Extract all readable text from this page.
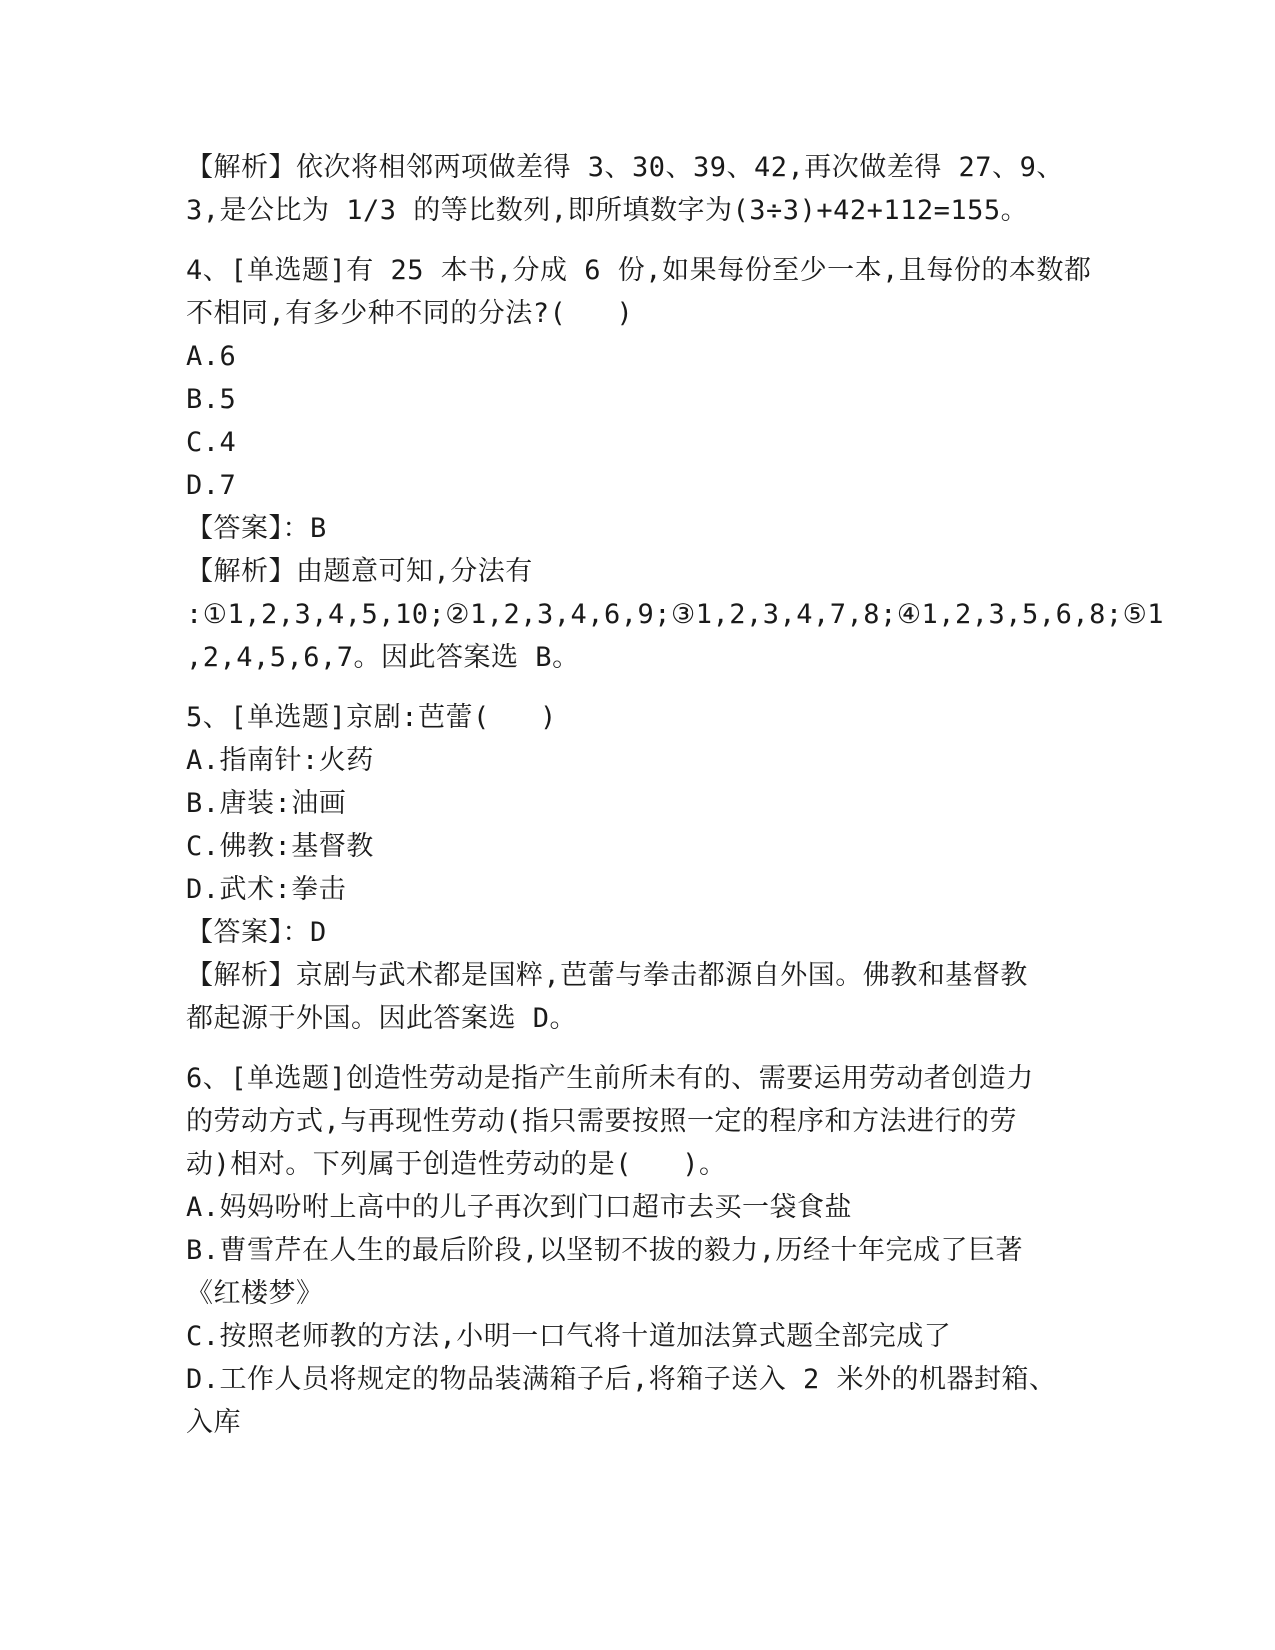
【解析】依次将相邻两项做差得 3、30、39、42,再次做差得 27、9、
3,是公比为 1/3 的等比数列,即所填数字为(3÷3)+42+112=155。
4、[单选题]有 25 本书,分成 6 份,如果每份至少一本,且每份的本数都
不相同,有多少种不同的分法?(   )
A.6
B.5
C.4
D.7
【答案】：B
【解析】由题意可知,分法有
:①1,2,3,4,5,10;②1,2,3,4,6,9;③1,2,3,4,7,8;④1,2,3,5,6,8;⑤1
,2,4,5,6,7。因此答案选 B。
5、[单选题]京剧:芭蕾(   )
A.指南针:火药
B.唐装:油画
C.佛教:基督教
D.武术:拳击
【答案】：D
【解析】京剧与武术都是国粹,芭蕾与拳击都源自外国。佛教和基督教
都起源于外国。因此答案选 D。
6、[单选题]创造性劳动是指产生前所未有的、需要运用劳动者创造力
的劳动方式,与再现性劳动(指只需要按照一定的程序和方法进行的劳
动)相对。下列属于创造性劳动的是(   )。
A.妈妈吩咐上高中的儿子再次到门口超市去买一袋食盐
B.曹雪芹在人生的最后阶段,以坚韧不拔的毅力,历经十年完成了巨著
《红楼梦》
C.按照老师教的方法,小明一口气将十道加法算式题全部完成了
D.工作人员将规定的物品装满箱子后,将箱子送入 2 米外的机器封箱、
入库
